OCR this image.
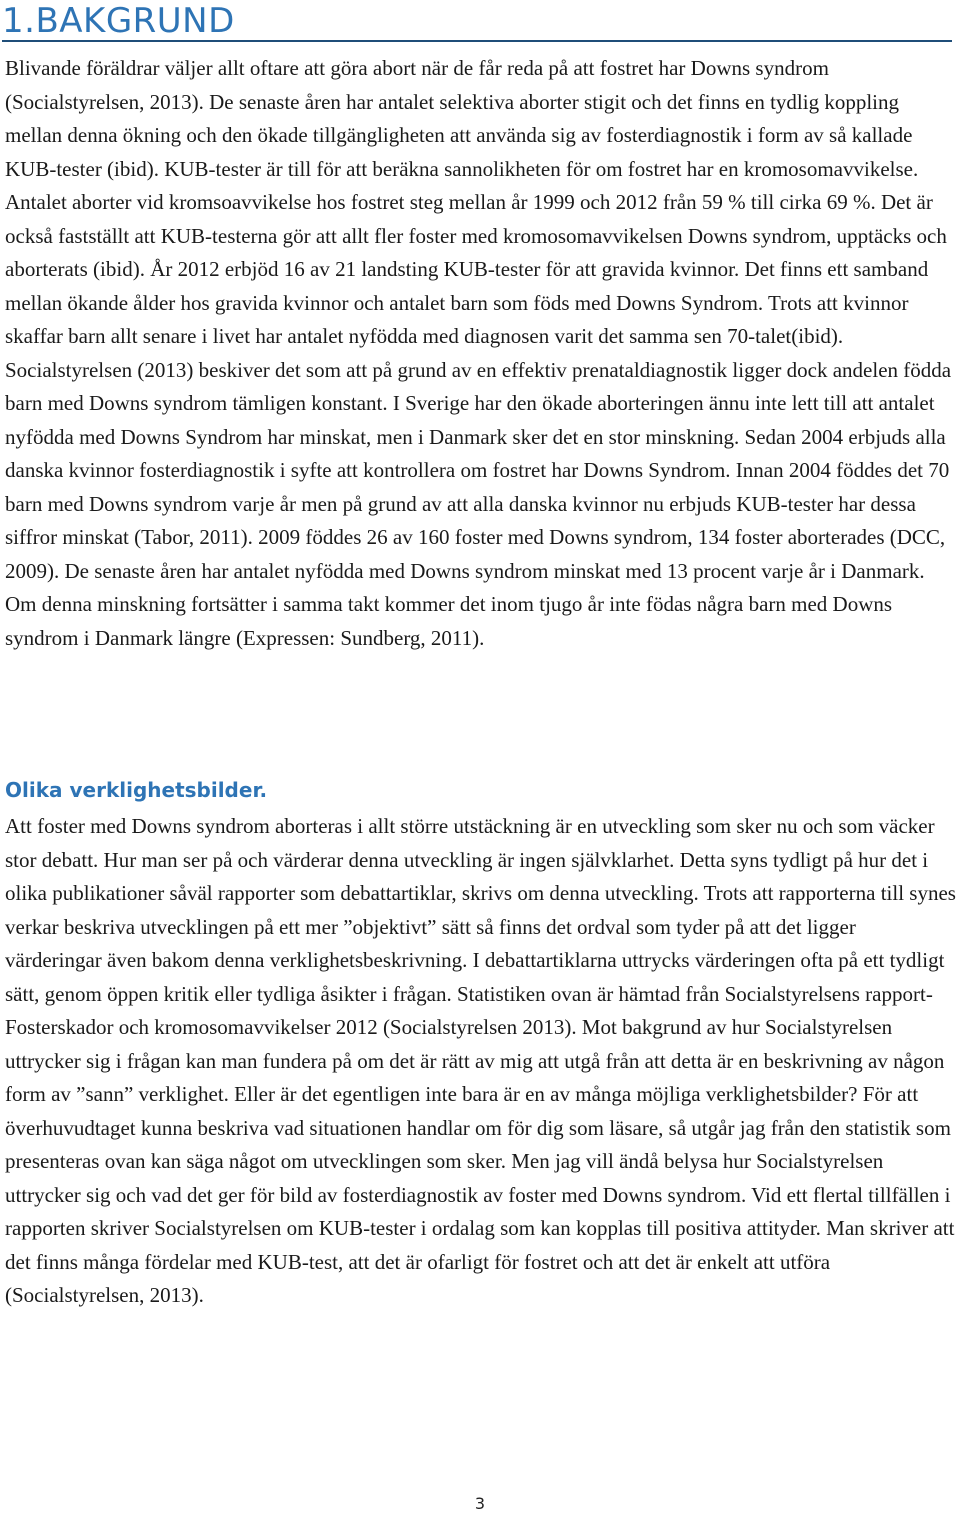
1.BAKGRUND

Blivande föräldrar väljer allt oftare att göra abort när de får reda på att fostret har Downs syndrom (Socialstyrelsen, 2013). De senaste åren har antalet selektiva aborter stigit och det finns en tydlig koppling mellan denna ökning och den ökade tillgängligheten att använda sig av fosterdiagnostik i form av så kallade KUB-tester (ibid). KUB-tester är till för att beräkna sannolikheten för om fostret har en kromosomavvikelse. Antalet aborter vid kromsoavvikelse hos fostret steg mellan år 1999 och 2012 från 59 % till cirka 69 %. Det är också fastställt att KUB-testerna gör att allt fler foster med kromosomavvikelsen Downs syndrom, upptäcks och aborterats (ibid). År 2012 erbjöd 16 av 21 landsting KUB-tester för att gravida kvinnor. Det finns ett samband mellan ökande ålder hos gravida kvinnor och antalet barn som föds med Downs Syndrom. Trots att kvinnor skaffar barn allt senare i livet har antalet nyfödda med diagnosen varit det samma sen 70-talet(ibid). Socialstyrelsen (2013) beskiver det som att på grund av en effektiv prenataldiagnostik ligger dock andelen födda barn med Downs syndrom tämligen konstant. I Sverige har den ökade aborteringen ännu inte lett till att antalet nyfödda med Downs Syndrom har minskat, men i Danmark sker det en stor minskning. Sedan 2004 erbjuds alla danska kvinnor fosterdiagnostik i syfte att kontrollera om fostret har Downs Syndrom. Innan 2004 föddes det 70 barn med Downs syndrom varje år men på grund av att alla danska kvinnor nu erbjuds KUB-tester har dessa siffror minskat (Tabor, 2011). 2009 föddes 26 av 160 foster med Downs syndrom, 134 foster aborterades (DCC, 2009). De senaste åren har antalet nyfödda med Downs syndrom minskat med 13 procent varje år i Danmark. Om denna minskning fortsätter i samma takt kommer det inom tjugo år inte födas några barn med Downs syndrom i Danmark längre (Expressen: Sundberg, 2011).

Olika verklighetsbilder.

Att foster med Downs syndrom aborteras i allt större utstäckning är en utveckling som sker nu och som väcker stor debatt. Hur man ser på och värderar denna utveckling är ingen självklarhet. Detta syns tydligt på hur det i olika publikationer såväl rapporter som debattartiklar, skrivs om denna utveckling. Trots att rapporterna till synes verkar beskriva utvecklingen på ett mer ”objektivt” sätt så finns det ordval som tyder på att det ligger värderingar även bakom denna verklighetsbeskrivning. I debattartiklarna uttrycks värderingen ofta på ett tydligt sätt, genom öppen kritik eller tydliga åsikter i frågan. Statistiken ovan är hämtad från Socialstyrelsens rapport- Fosterskador och kromosomavvikelser 2012 (Socialstyrelsen 2013). Mot bakgrund av hur Socialstyrelsen uttrycker sig i frågan kan man fundera på om det är rätt av mig att utgå från att detta är en beskrivning av någon form av ”sann” verklighet. Eller är det egentligen inte bara är en av många möjliga verklighetsbilder? För att överhuvudtaget kunna beskriva vad situationen handlar om för dig som läsare, så utgår jag från den statistik som presenteras ovan kan säga något om utvecklingen som sker. Men jag vill ändå belysa hur Socialstyrelsen uttrycker sig och vad det ger för bild av fosterdiagnostik av foster med Downs syndrom. Vid ett flertal tillfällen i rapporten skriver Socialstyrelsen om KUB-tester i ordalag som kan kopplas till positiva attityder. Man skriver att det finns många fördelar med KUB-test, att det är ofarligt för fostret och att det är enkelt att utföra (Socialstyrelsen, 2013).

3
